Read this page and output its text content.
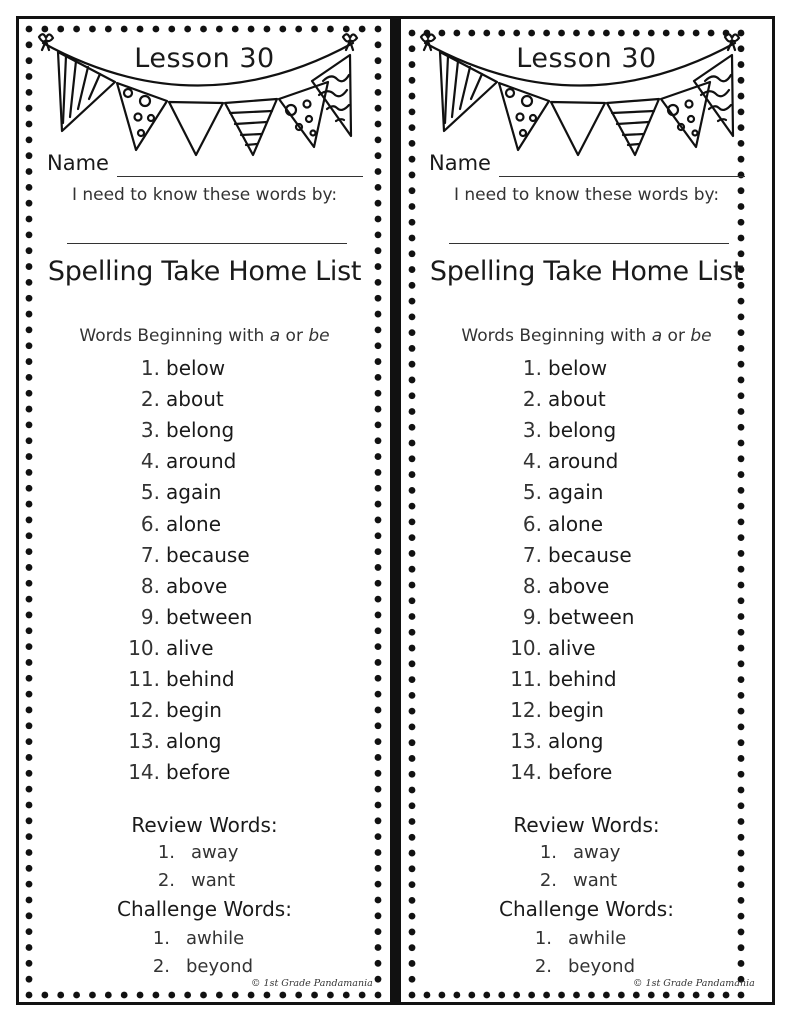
Lesson 30
Name
I need to know these words by:
Spelling Take Home List
Words Beginning with a or be
1. below
2. about
3. belong
4. around
5. again
6. alone
7. because
8. above
9. between
10. alive
11. behind
12. begin
13. along
14. before
Review Words:
1. away
2. want
Challenge Words:
1. awhile
2. beyond
© 1st Grade Pandamania
Lesson 30
Name
I need to know these words by:
Spelling Take Home List
Words Beginning with a or be
1. below
2. about
3. belong
4. around
5. again
6. alone
7. because
8. above
9. between
10. alive
11. behind
12. begin
13. along
14. before
Review Words:
1. away
2. want
Challenge Words:
1. awhile
2. beyond
© 1st Grade Pandamania
